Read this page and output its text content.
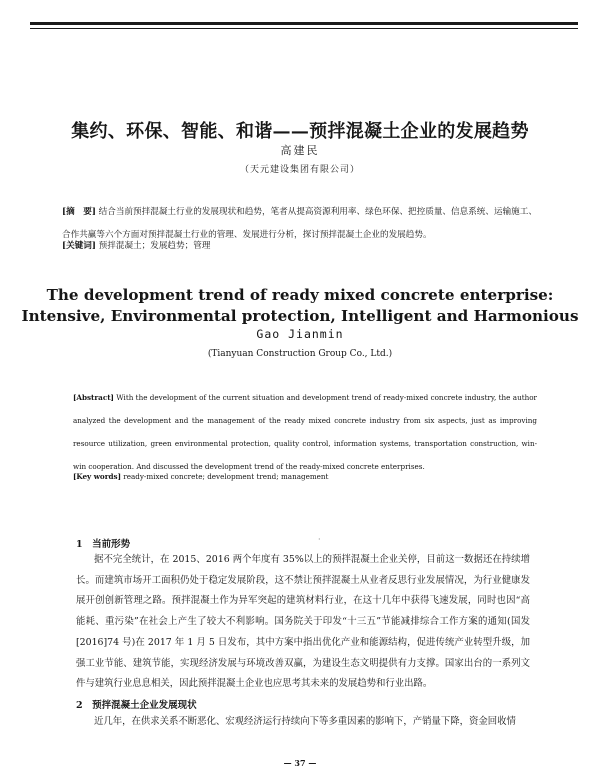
集约、环保、智能、和谐——预拌混凝土企业的发展趋势
高建民
（天元建设集团有限公司）
[摘　要] 结合当前预拌混凝土行业的发展现状和趋势，笔者从提高资源利用率、绿色环保、把控质量、信息系统、运输施工、合作共赢等六个方面对预拌混凝土行业的管理、发展进行分析，探讨预拌混凝土企业的发展趋势。
[关键词] 预拌混凝土；发展趋势；管理
The development trend of ready mixed concrete enterprise:
Intensive, Environmental protection, Intelligent and Harmonious
Gao Jianmin
(Tianyuan Construction Group Co., Ltd.)
[Abstract] With the development of the current situation and development trend of ready-mixed concrete industry, the author analyzed the development and the management of the ready mixed concrete industry from six aspects, just as improving resource utilization, green environmental protection, quality control, information systems, transportation construction, win-win cooperation. And discussed the development trend of the ready-mixed concrete enterprises.
[Key words] ready-mixed concrete; development trend; management
1　当前形势	·
据不完全统计，在 2015、2016 两个年度有 35%以上的预拌混凝土企业关停，目前这一数据还在持续增长。而建筑市场开工面积仍处于稳定发展阶段，这不禁让预拌混凝土从业者反思行业发展情况，为行业健康发展开创创新管理之路。预拌混凝土作为异军突起的建筑材料行业，在这十几年中获得飞速发展，同时也因“高能耗、重污染”在社会上产生了较大不利影响。国务院关于印发“十三五”节能减排综合工作方案的通知(国发[2016]74 号)在 2017 年 1 月 5 日发布，其中方案中指出优化产业和能源结构，促进传统产业转型升级，加强工业节能、建筑节能，实现经济发展与环境改善双赢，为建设生态文明提供有力支撑。国家出台的一系列文件与建筑行业息息相关，因此预拌混凝土企业也应思考其未来的发展趋势和行业出路。
2　预拌混凝土企业发展现状
近几年，在供求关系不断恶化、宏观经济运行持续向下等多重因素的影响下，产销量下降，资金回收情
— 37 —
